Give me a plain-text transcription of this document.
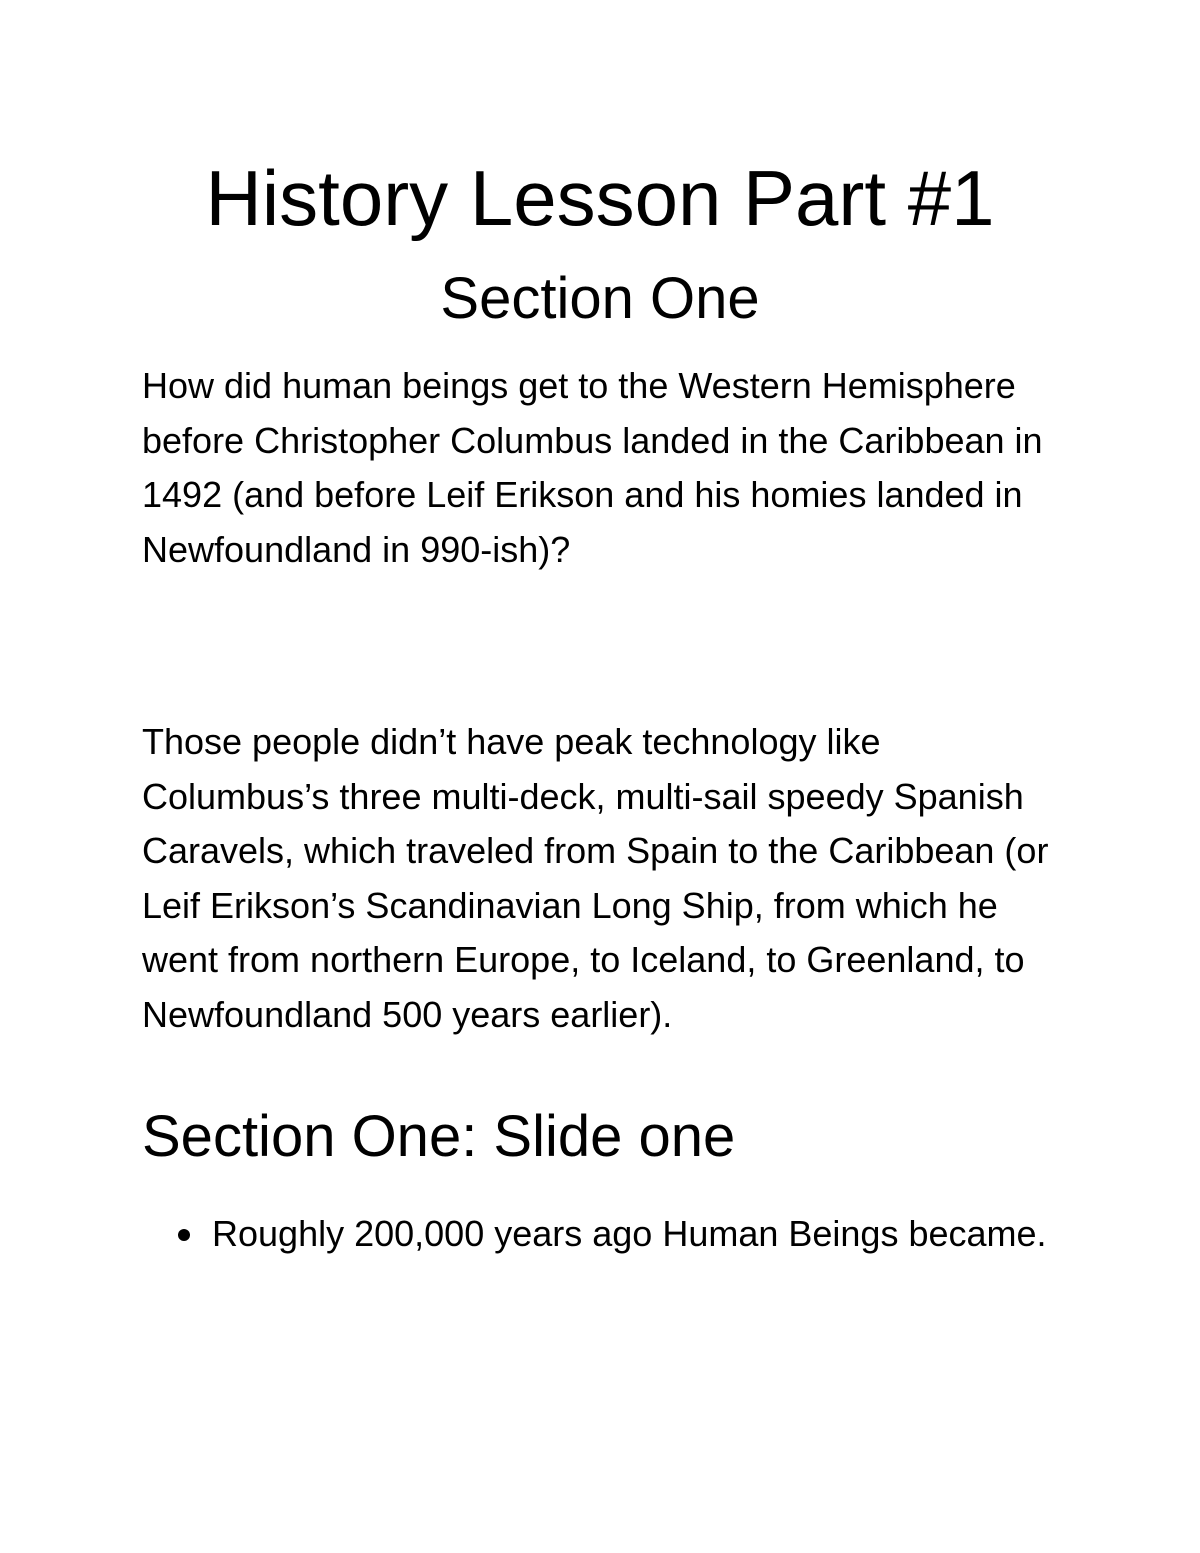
History Lesson Part #1
Section One

How did human beings get to the Western Hemisphere before Christopher Columbus landed in the Caribbean in 1492 (and before Leif Erikson and his homies landed in Newfoundland in 990-ish)?

Those people didn’t have peak technology like Columbus’s three multi-deck, multi-sail speedy Spanish Caravels, which traveled from Spain to the Caribbean (or Leif Erikson’s Scandinavian Long Ship, from which he went from northern Europe, to Iceland, to Greenland, to Newfoundland 500 years earlier).

Section One: Slide one
Roughly 200,000 years ago Human Beings became.
